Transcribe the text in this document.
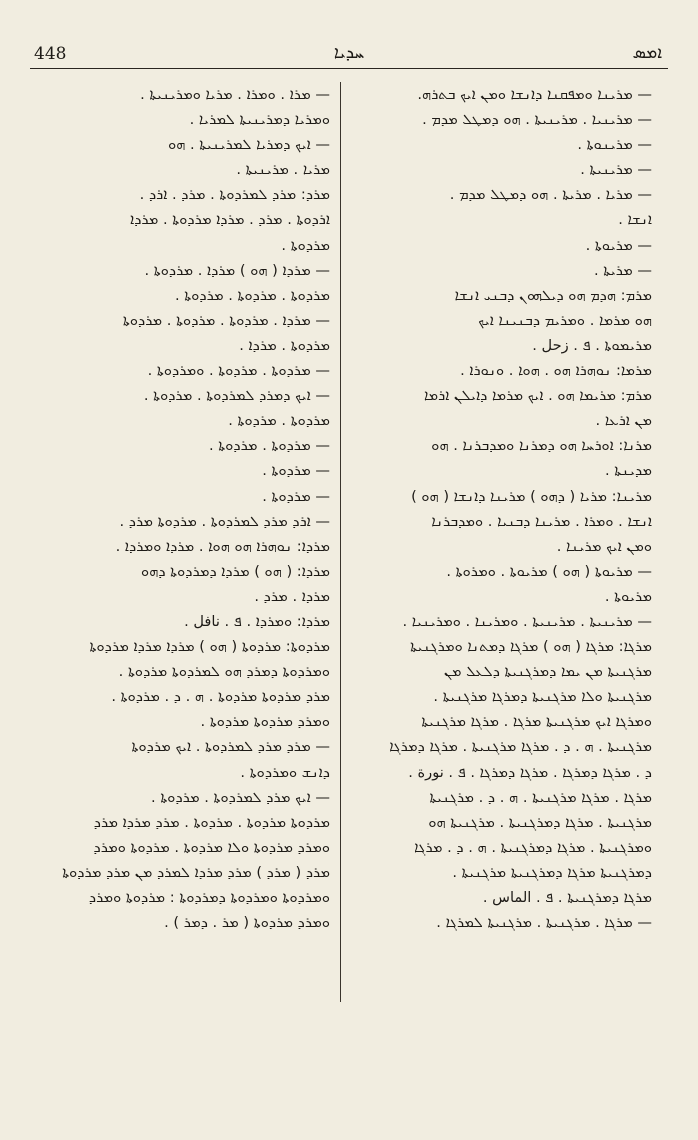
448	ܚܕܝܐ	ܐܡܣ
— ܡܪܝܢܐ ܘܡܦܩܢܐ ܕܐܢܫܐ ܘܡܢ ܐܝܟ ܒܬܪܗ.
— ܡܪܝܢܝܐ . ܡܪܝܢܝܬܐ . ܗܘ ܕܡܛܠ ܡܕܡ .
— ܡܪܝܢܘܬܐ .
— ܡܪܝܢܝܬܐ .
— ܡܪܝܐ . ܡܪܝܬܐ . ܗܘ ܕܡܛܠ ܡܕܡ .
ܐܢܫܐ .
— ܡܪܝܘܬܐ .
— ܡܪܝܬܐ .
ܡܪܡ: ܗܕܡ ܗܘ ܕܝܠܗܘܢ ܕܒܢܝ ܐܢܫܐ
ܗܘ ܡܪܡܐ . ܘܡܪܝܡ ܕܒܢܝܢܐ ܐܝܟ
ܡܪܝܡܘܬܐ . ܦ . زحل .
ܡܪܡܐ: ܢܘܗܪܐ ܗܘ . ܗܘܐ . ܘܢܘܪܐ .
ܡܪܡ: ܡܪܝܡܐ ܗܘ . ܐܝܟ ܡܪܡܐ ܕܐܝܠܢ ܐܪܡܐ
ܡܢ ܐܪܥܐ .
ܡܪܢܐ: ܐܘܪܚܐ ܗܘ ܕܡܪܢܐ ܘܡܕܒܪܢܐ . ܗܘ
ܡܕܝܢܬܐ .
ܡܪܝܢܐ: ܡܪܝܐ ( ܕܗܘ ) ܡܪܝܢܐ ܕܐܢܫܐ ( ܗܘ )
ܐܢܫܐ . ܘܡܪܐ . ܡܪܝܢܐ ܕܒܢܝܐ . ܘܡܕܒܪܢܐ
ܘܡܢ ܐܝܟ ܡܪܝܢܐ .
— ܡܪܝܘܬܐ ( ܗܘ ) ܡܪܝܘܬܐ . ܘܡܪܘܬܐ .
ܡܪܝܘܬܐ .
— ܡܪܝܢܝܬܐ . ܡܪܝܢܝܬܐ . ܘܡܪܝܢܐ . ܘܡܪܝܢܝܐ .
ܡܪܓܐ: ܡܪܓܐ ( ܗܘ ) ܡܪܓܐ ܕܡܬܢܐ ܘܡܪܓܢܝܬܐ
ܡܪܓܢܝܬܐ ܡܢ ܝܡܐ ܕܡܪܓܢܝܬܐ ܕܠܥܠ ܡܢ
ܡܪܓܢܝܬܐ ܘܠܐ ܡܪܓܢܝܬܐ ܕܡܪܓܐ ܡܪܓܢܝܬܐ .
ܘܡܪܓܐ ܐܝܟ ܡܪܓܢܝܬܐ ܡܪܓܐ . ܡܪܓܐ ܡܪܓܢܝܬܐ
ܡܪܓܢܝܬܐ . ܗ . ܕ . ܡܪܓܐ ܡܪܓܢܝܬܐ . ܡܪܓܐ ܕܡܪܓܐ
ܕ . ܡܪܓܐ ܕܡܪܓܐ . ܡܪܓܐ ܕܡܪܓܐ . ܦ . نورة .
ܡܪܓܐ . ܡܪܓܐ ܡܪܓܢܝܬܐ . ܗ . ܕ . ܡܪܓܢܝܬܐ
ܡܪܓܢܝܬܐ . ܡܪܓܐ ܕܡܪܓܢܝܬܐ . ܡܪܓܢܝܬܐ ܗܘ
ܘܡܪܓܢܝܬܐ . ܡܪܓܐ ܕܡܪܓܢܝܬܐ . ܗ . ܕ . ܡܪܓܐ
ܕܡܪܓܢܝܬܐ ܡܪܓܐ ܕܡܪܓܢܝܬܐ ܡܪܓܢܝܬܐ .
ܡܪܓܐ ܕܡܪܓܢܝܬܐ . ܦ . الماس .
— ܡܪܓܐ . ܡܪܓܢܝܬܐ . ܡܪܓܢܝܬܐ ܠܡܪܓܐ .
— ܡܪܐ . ܘܡܪܐ . ܡܪܝܐ ܘܡܪܝܢܝܬܐ .
ܘܡܪܝܐ ܕܡܪܝܢܝܬܐ ܠܡܪܝܐ .
— ܐܝܟ ܕܡܪܝܐ ܠܡܪܝܢܝܬܐ . ܗܘ
ܡܪܝܐ . ܡܪܝܢܝܬܐ .
ܡܪܕ: ܡܪܕ ܠܡܪܕܘܬܐ . ܡܪܕ . ܐܪܕ .
ܐܪܕܘܬܐ . ܡܪܕ . ܡܪܕܐ ܡܪܕܘܬܐ . ܡܪܕܐ
ܡܪܕܘܬܐ .
— ܡܪܕܐ ( ܗܘ ) ܡܪܕܐ . ܡܪܕܘܬܐ .
ܡܪܕܘܬܐ . ܡܪܕܘܬܐ . ܡܪܕܘܬܐ .
— ܡܪܕܐ . ܡܪܕܘܬܐ . ܡܪܕܘܬܐ . ܡܪܕܘܬܐ
ܡܪܕܘܬܐ . ܡܪܕܐ .
— ܡܪܕܘܬܐ . ܡܪܕܘܬܐ . ܘܡܪܕܘܬܐ .
— ܐܝܟ ܕܡܪܕ ܠܡܪܕܘܬܐ . ܡܪܕܘܬܐ .
ܡܪܕܘܬܐ . ܡܪܕܘܬܐ .
— ܡܪܕܘܬܐ . ܡܪܕܘܬܐ .
— ܡܪܕܘܬܐ .
— ܡܪܕܘܬܐ .
— ܐܪܕ ܡܪܕ ܠܡܪܕܘܬܐ . ܡܪܕܘܬܐ ܡܪܕ .
ܡܪܕܐ: ܢܘܗܪܐ ܗܘ ܗܘܐ . ܡܪܕܐ ܘܡܪܕܐ .
ܡܪܕܐ: ( ܗܘ ) ܡܪܕܐ ܕܡܪܕܘܬܐ ܕܗܘ
ܡܪܕܐ . ܡܪܕ .
ܡܪܕܐ: ܘܡܪܕܐ . ܦ . نافل .
ܡܪܕܘܬܐ: ܡܪܕܘܬܐ ( ܗܘ ) ܡܪܕܐ ܡܪܕܐ ܡܪܕܘܬܐ
ܘܡܪܕܘܬܐ ܕܡܪܕ ܗܘ ܠܡܪܕܘܬܐ ܡܪܕܘܬܐ .
ܡܪܕ ܡܪܕܘܬܐ ܡܪܕܘܬܐ . ܗ . ܕ . ܡܪܕܘܬܐ .
ܘܡܪܕ ܡܪܕܘܬܐ ܡܪܕܘܬܐ .
— ܡܪܕ ܡܪܕ ܠܡܪܕܘܬܐ . ܐܝܟ ܡܪܕܘܬܐ
ܕܐܢܫ ܘܡܪܕܘܬܐ .
— ܐܝܟ ܡܪܕ ܠܡܪܕܘܬܐ . ܡܪܕܘܬܐ .
ܡܪܕܘܬܐ ܡܪܕܘܬܐ . ܡܪܕܘܬܐ . ܡܪܕ ܡܪܕܐ ܡܪܕ
ܘܡܪܕ ܡܪܕܘܬܐ ܘܠܐ ܡܪܕܘܬܐ . ܡܪܕܘܬܐ ܘܡܪܕ
ܡܪܕ ( ܡܪܕ ) ܡܪܕ ܡܪܕܐ ܠܡܪܕ ܡܢ ܡܪܕ ܡܪܕܘܬܐ
ܘܡܪܕܘܬܐ ܘܡܪܕܘܬܐ ܕܡܪܕܘܬܐ : ܡܪܕܘܬܐ ܘܡܪܕ
ܘܡܪܕ ܡܪܕܘܬܐ ( ܡܪ . ܕܡܪ ) .
